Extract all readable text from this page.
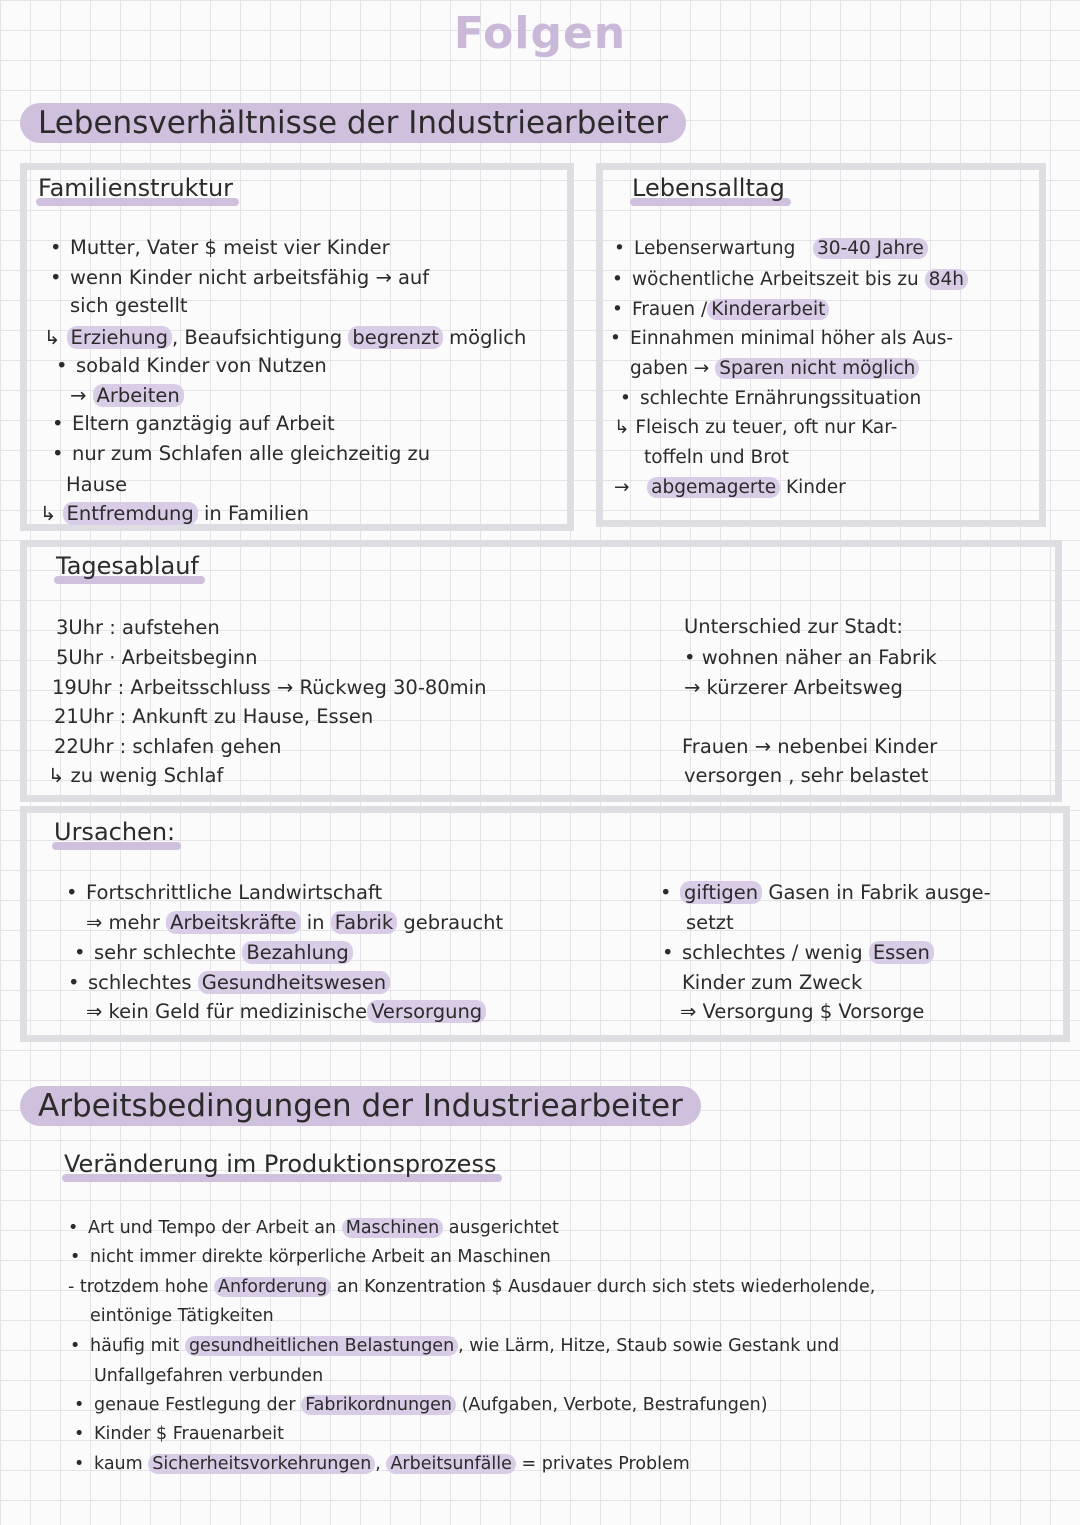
Folgen
Lebensverhältnisse der Industriearbeiter
Familienstruktur
• Mutter, Vater $ meist vier Kinder
• wenn Kinder nicht arbeitsfähig → auf
sich gestellt
↳ Erziehung , Beaufsichtigung begrenzt möglich
• sobald Kinder von Nutzen
→ Arbeiten
• Eltern ganztägig auf Arbeit
• nur zum Schlafen alle gleichzeitig zu
Hause
↳ Entfremdung in Familien
Lebensalltag
• Lebenserwartung 30-40 Jahre
• wöchentliche Arbeitszeit bis zu 84h
• Frauen / Kinderarbeit
• Einnahmen minimal höher als Aus-
gaben → Sparen nicht möglich
• schlechte Ernährungssituation
↳ Fleisch zu teuer, oft nur Kar-
toffeln und Brot
→ abgemagerte Kinder
Tagesablauf
3Uhr : aufstehen
5Uhr · Arbeitsbeginn
19Uhr : Arbeitsschluss → Rückweg 30-80min
21Uhr : Ankunft zu Hause, Essen
22Uhr : schlafen gehen
↳ zu wenig Schlaf
Unterschied zur Stadt:
• wohnen näher an Fabrik
→ kürzerer Arbeitsweg
Frauen → nebenbei Kinder
versorgen , sehr belastet
Ursachen:
• Fortschrittliche Landwirtschaft
⇒ mehr Arbeitskräfte in Fabrik gebraucht
• sehr schlechte Bezahlung
• schlechtes Gesundheitswesen
⇒ kein Geld für medizinische Versorgung
• giftigen Gasen in Fabrik ausge-
setzt
• schlechtes / wenig Essen
Kinder zum Zweck
⇒ Versorgung $ Vorsorge
Arbeitsbedingungen der Industriearbeiter
Veränderung im Produktionsprozess
• Art und Tempo der Arbeit an Maschinen ausgerichtet
• nicht immer direkte körperliche Arbeit an Maschinen
- trotzdem hohe Anforderung an Konzentration $ Ausdauer durch sich stets wiederholende,
eintönige Tätigkeiten
• häufig mit gesundheitlichen Belastungen , wie Lärm, Hitze, Staub sowie Gestank und
Unfallgefahren verbunden
• genaue Festlegung der Fabrikordnungen (Aufgaben, Verbote, Bestrafungen)
• Kinder $ Frauenarbeit
• kaum Sicherheitsvorkehrungen , Arbeitsunfälle = privates Problem
